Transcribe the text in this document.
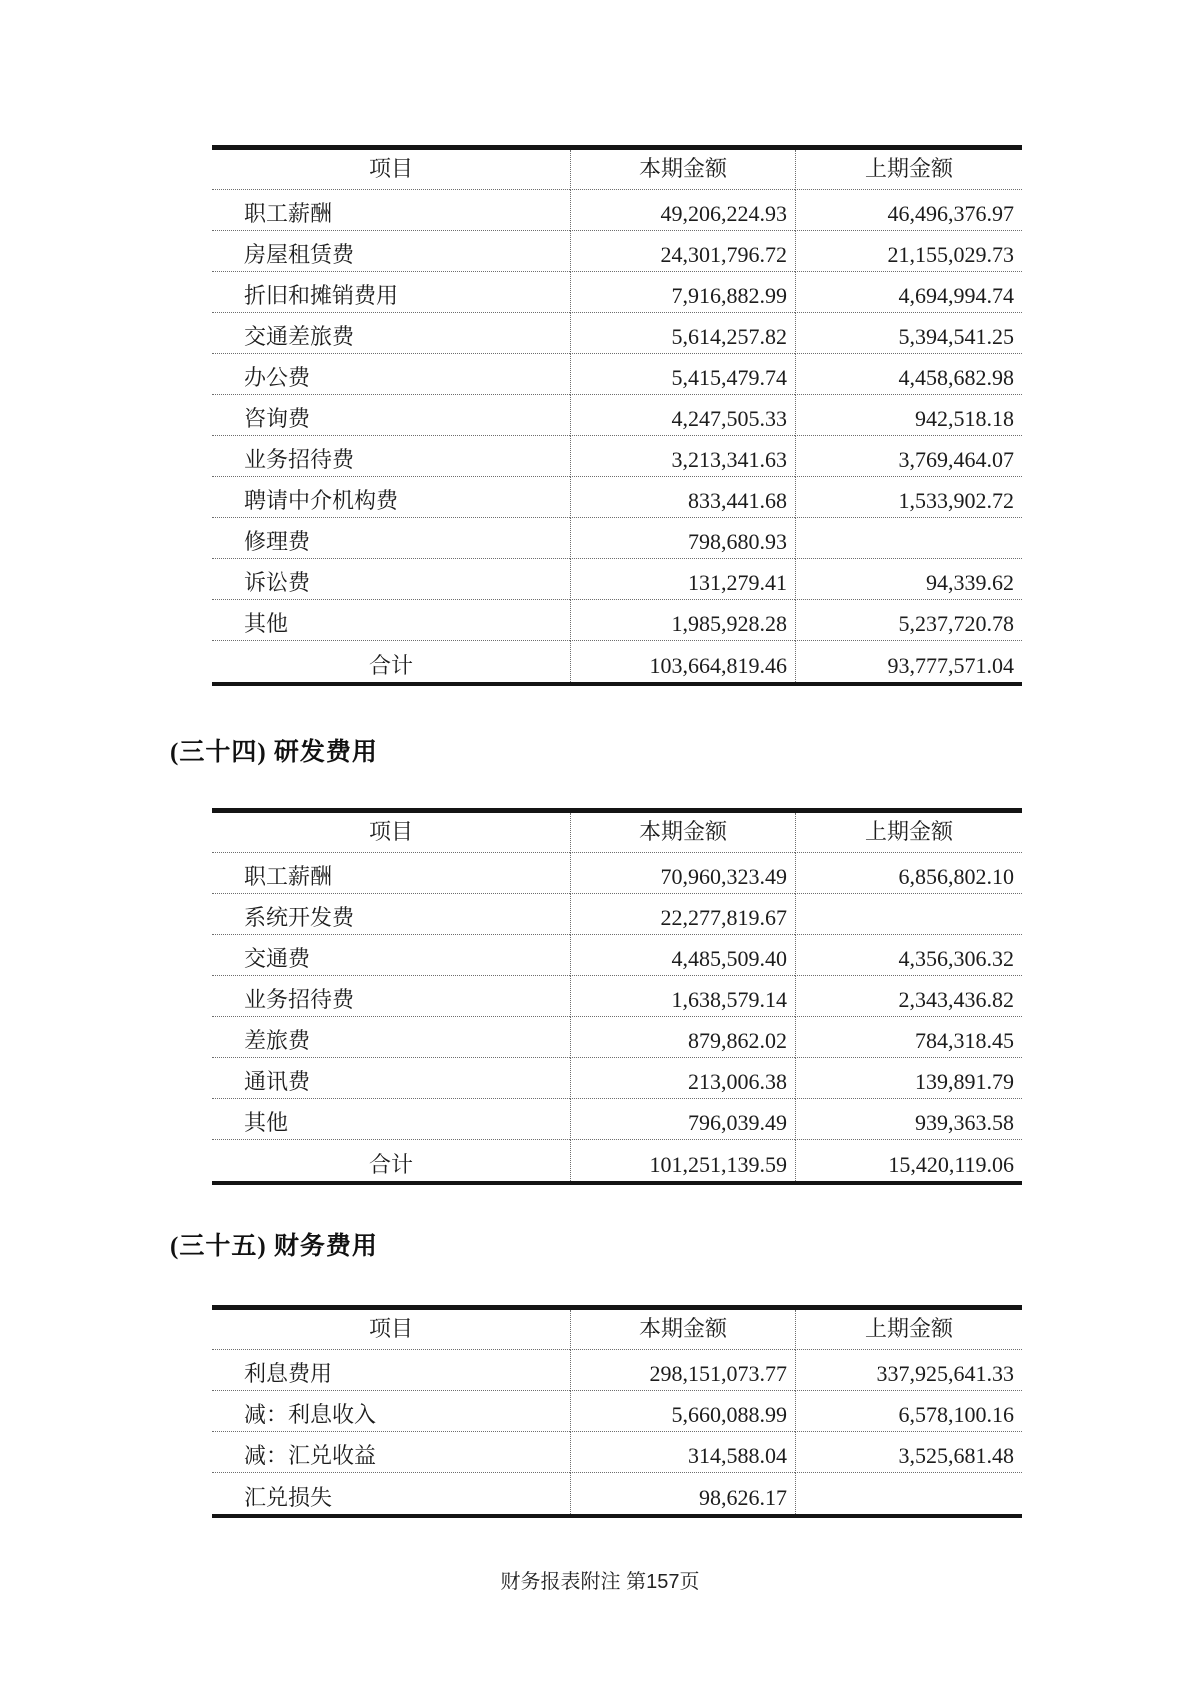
项目	本期金额	上期金额
职工薪酬	49,206,224.93	46,496,376.97
房屋租赁费	24,301,796.72	21,155,029.73
折旧和摊销费用	7,916,882.99	4,694,994.74
交通差旅费	5,614,257.82	5,394,541.25
办公费	5,415,479.74	4,458,682.98
咨询费	4,247,505.33	942,518.18
业务招待费	3,213,341.63	3,769,464.07
聘请中介机构费	833,441.68	1,533,902.72
修理费	798,680.93
诉讼费	131,279.41	94,339.62
其他	1,985,928.28	5,237,720.78
合计	103,664,819.46	93,777,571.04
(三十四) 研发费用
项目	本期金额	上期金额
职工薪酬	70,960,323.49	6,856,802.10
系统开发费	22,277,819.67
交通费	4,485,509.40	4,356,306.32
业务招待费	1,638,579.14	2,343,436.82
差旅费	879,862.02	784,318.45
通讯费	213,006.38	139,891.79
其他	796,039.49	939,363.58
合计	101,251,139.59	15,420,119.06
(三十五) 财务费用
项目	本期金额	上期金额
利息费用	298,151,073.77	337,925,641.33
减：利息收入	5,660,088.99	6,578,100.16
减：汇兑收益	314,588.04	3,525,681.48
汇兑损失	98,626.17
财务报表附注 第157页
